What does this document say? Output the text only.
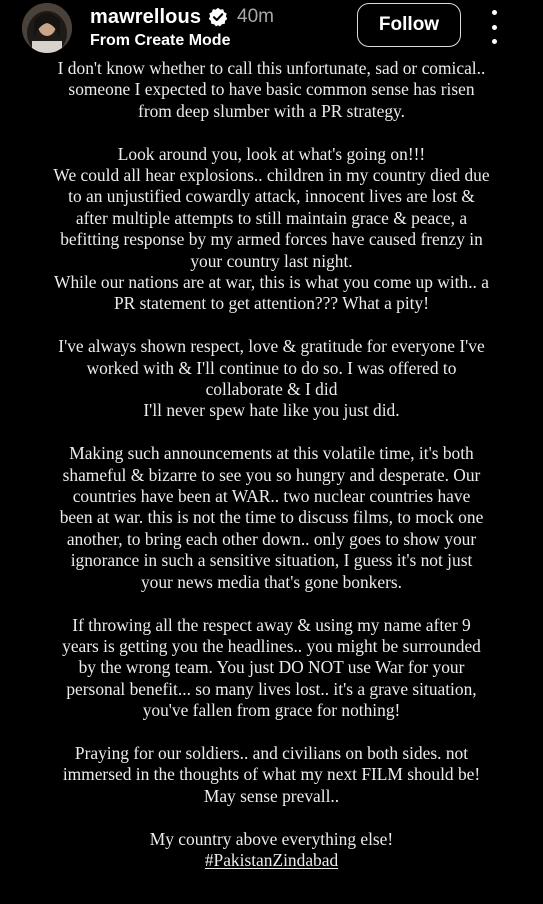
mawrellous 40m
From Create Mode
Follow
I don't know whether to call this unfortunate, sad or comical..
someone I expected to have basic common sense has risen
from deep slumber with a PR strategy.
Look around you, look at what's going on!!!
We could all hear explosions.. children in my country died due
to an unjustified cowardly attack, innocent lives are lost &
after multiple attempts to still maintain grace & peace, a
befitting response by my armed forces have caused frenzy in
your country last night.
While our nations are at war, this is what you come up with.. a
PR statement to get attention??? What a pity!
I've always shown respect, love & gratitude for everyone I've
worked with & I'll continue to do so. I was offered to
collaborate & I did
I'll never spew hate like you just did.
Making such announcements at this volatile time, it's both
shameful & bizarre to see you so hungry and desperate. Our
countries have been at WAR.. two nuclear countries have
been at war. this is not the time to discuss films, to mock one
another, to bring each other down.. only goes to show your
ignorance in such a sensitive situation, I guess it's not just
your news media that's gone bonkers.
If throwing all the respect away & using my name after 9
years is getting you the headlines.. you might be surrounded
by the wrong team. You just DO NOT use War for your
personal benefit... so many lives lost.. it's a grave situation,
you've fallen from grace for nothing!
Praying for our soldiers.. and civilians on both sides. not
immersed in the thoughts of what my next FILM should be!
May sense prevall..
My country above everything else!
#PakistanZindabad
